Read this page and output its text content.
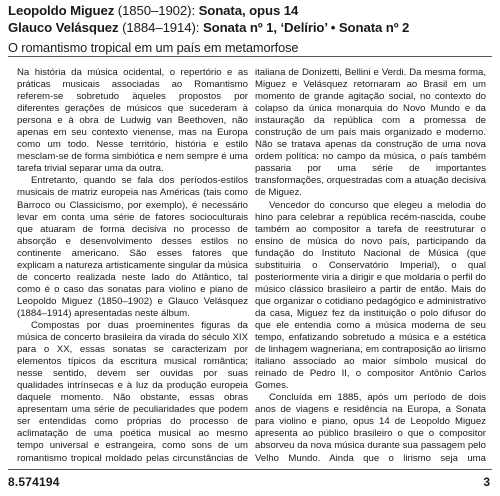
Leopoldo Miguez (1850–1902): Sonata, opus 14
Glauco Velásquez (1884–1914): Sonata nº 1, ‘Delírio’ • Sonata nº 2
O romantismo tropical em um país em metamorfose

Na história da música ocidental, o repertório e as práticas musicais associadas ao Romantismo referem-se sobretudo àqueles propostos por diferentes gerações de músicos que sucederam à persona e à obra de Ludwig van Beethoven, não apenas em seu contexto vienense, mas na Europa como um todo. Nesse território, história e estilo mesclam-se de forma simbiótica e nem sempre é uma tarefa trivial separar uma da outra.

Entretanto, quando se fala dos períodos-estilos musicais de matriz europeia nas Américas (tais como Barroco ou Classicismo, por exemplo), é necessário levar em conta uma série de fatores socioculturais que atuaram de forma decisiva no processo de absorção e desenvolvimento desses estilos no continente americano. São esses fatores que explicam a natureza artisticamente singular da música de concerto realizada neste lado do Atlântico, tal como é o caso das sonatas para violino e piano de Leopoldo Miguez (1850–1902) e Glauco Velásquez (1884–1914) apresentadas neste álbum.

Compostas por duas proeminentes figuras da música de concerto brasileira da virada do século XIX para o XX, essas sonatas se caracterizam por elementos típicos da escritura musical romântica; nesse sentido, devem ser ouvidas por suas qualidades intrínsecas e à luz da produção europeia daquele momento. Não obstante, essas obras apresentam uma série de peculiaridades que podem ser entendidas como próprias do processo de aclimatação de uma poética musical ao mesmo tempo universal e estrangeira, como sons de um romantismo tropical moldado pelas circunstâncias de

italiana de Donizetti, Bellini e Verdi. Da mesma forma, Miguez e Velásquez retornaram ao Brasil em um momento de grande agitação social, no contexto do colapso da única monarquia do Novo Mundo e da instauração da república com a promessa de construção de um país mais organizado e moderno. Não se tratava apenas da construção de uma nova ordem política: no campo da música, o país também passaria por uma série de importantes transformações, orquestradas com a atuação decisiva de Miguez.

Vencedor do concurso que elegeu a melodia do hino para celebrar a república recém-nascida, coube também ao compositor a tarefa de reestruturar o ensino de música do novo país, participando da fundação do Instituto Nacional de Música (que substituiria o Conservatório Imperial), o qual posteriormente viria a dirigir e que moldaria o perfil do músico clássico brasileiro a partir de então. Mais do que organizar o cotidiano pedagógico e administrativo da casa, Miguez fez da instituição o polo difusor do que ele entendia como a música moderna de seu tempo, enfatizando sobretudo a música e a estética de linhagem wagneriana, em contraposição ao lirismo italiano associado ao maior símbolo musical do reinado de Pedro II, o compositor Antônio Carlos Gomes.

Concluída em 1885, após um período de dois anos de viagens e residência na Europa, a Sonata para violino e piano, opus 14 de Leopoldo Miguez apresenta ao público brasileiro o que o compositor absorveu da nova música durante sua passagem pelo Velho Mundo. Ainda que o lirismo seja uma

8.574194	3
